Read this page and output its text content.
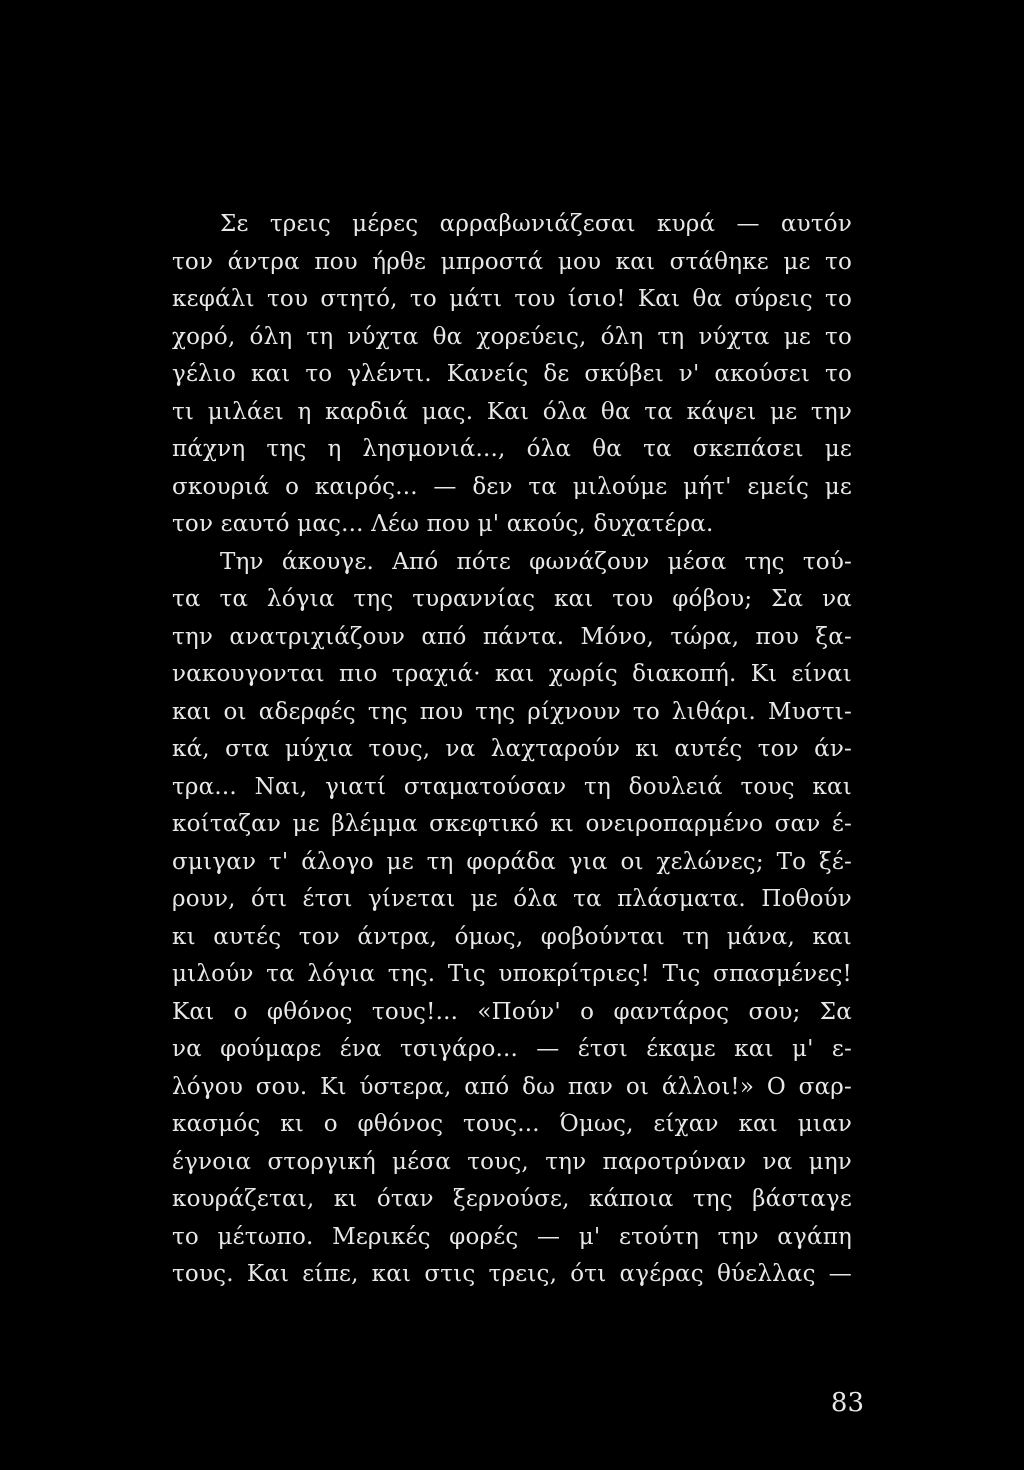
Σε τρεις μέρες αρραβωνιάζεσαι κυρά — αυτόν
τον άντρα που ήρθε μπροστά μου και στάθηκε με το
κεφάλι του στητό, το μάτι του ίσιο! Και θα σύρεις το
χορό, όλη τη νύχτα θα χορεύεις, όλη τη νύχτα με το
γέλιο και το γλέντι. Κανείς δε σκύβει ν' ακούσει το
τι μιλάει η καρδιά μας. Και όλα θα τα κάψει με την
πάχνη της η λησμονιά..., όλα θα τα σκεπάσει με
σκουριά ο καιρός... — δεν τα μιλούμε μήτ' εμείς με
τον εαυτό μας... Λέω που μ' ακούς, δυχατέρα.
Την άκουγε. Από πότε φωνάζουν μέσα της τού-
τα τα λόγια της τυραννίας και του φόβου; Σα να
την ανατριχιάζουν από πάντα. Μόνο, τώρα, που ξα-
νακουγονται πιο τραχιά· και χωρίς διακοπή. Κι είναι
και οι αδερφές της που της ρίχνουν το λιθάρι. Μυστι-
κά, στα μύχια τους, να λαχταρούν κι αυτές τον άν-
τρα... Ναι, γιατί σταματούσαν τη δουλειά τους και
κοίταζαν με βλέμμα σκεφτικό κι ονειροπαρμένο σαν έ-
σμιγαν τ' άλογο με τη φοράδα για οι χελώνες; Το ξέ-
ρουν, ότι έτσι γίνεται με όλα τα πλάσματα. Ποθούν
κι αυτές τον άντρα, όμως, φοβούνται τη μάνα, και
μιλούν τα λόγια της. Τις υποκρίτριες! Τις σπασμένες!
Και ο φθόνος τους!... «Πούν' ο φαντάρος σου; Σα
να φούμαρε ένα τσιγάρο... — έτσι έκαμε και μ' ε-
λόγου σου. Κι ύστερα, από δω παν οι άλλοι!» Ο σαρ-
κασμός κι ο φθόνος τους... Όμως, είχαν και μιαν
έγνοια στοργική μέσα τους, την παροτρύναν να μην
κουράζεται, κι όταν ξερνούσε, κάποια της βάσταγε
το μέτωπο. Μερικές φορές — μ' ετούτη την αγάπη
τους. Και είπε, και στις τρεις, ότι αγέρας θύελλας —
83
